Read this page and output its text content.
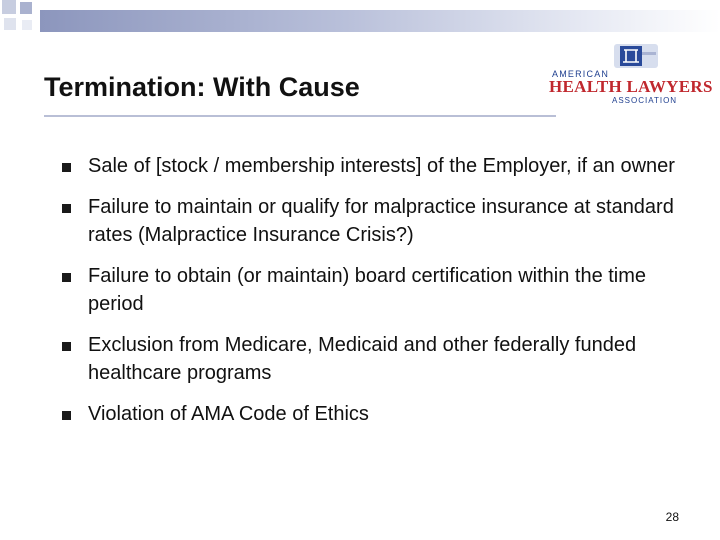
Termination: With Cause	AMERICAN
HEALTH LAWYERS
ASSOCIATION
Sale of [stock / membership interests] of the Employer, if an owner
Failure to maintain or qualify for malpractice insurance at standard rates (Malpractice Insurance Crisis?)
Failure to obtain (or maintain) board certification within the time period
Exclusion from Medicare, Medicaid and other federally funded healthcare programs
Violation of AMA Code of Ethics
28
